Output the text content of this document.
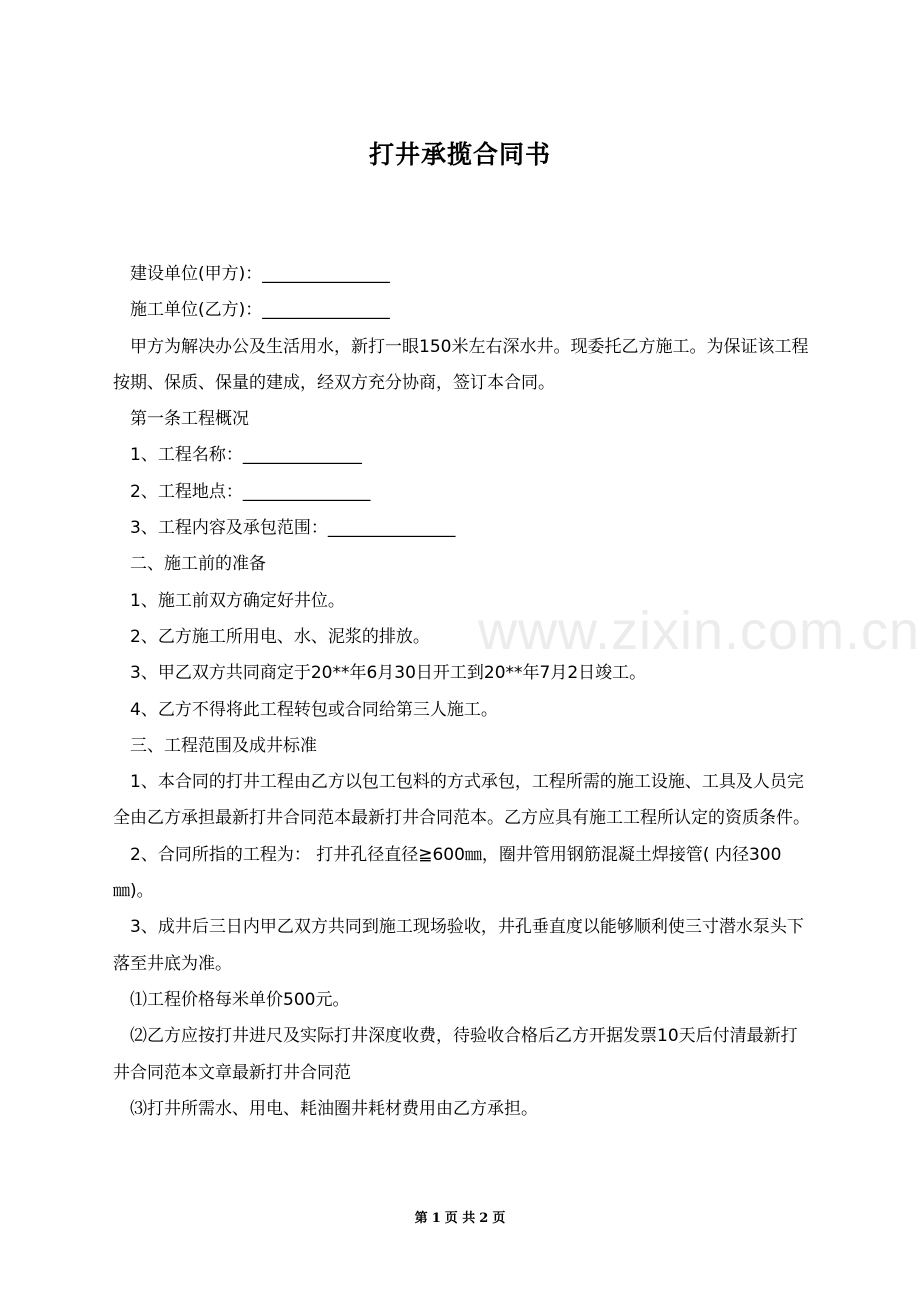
www.zixin.com.cn
打井承揽合同书

建设单位(甲方)：_______________

施工单位(乙方)：_______________

甲方为解决办公及生活用水，新打一眼150米左右深水井。现委托乙方施工。为保证该工程按期、保质、保量的建成，经双方充分协商，签订本合同。

第一条工程概况

1、工程名称：______________

2、工程地点：_______________

3、工程内容及承包范围：_______________

二、施工前的准备

1、施工前双方确定好井位。

2、乙方施工所用电、水、泥浆的排放。

3、甲乙双方共同商定于20**年6月30日开工到20**年7月2日竣工。

4、乙方不得将此工程转包或合同给第三人施工。

三、工程范围及成井标准

1、本合同的打井工程由乙方以包工包料的方式承包，工程所需的施工设施、工具及人员完全由乙方承担最新打井合同范本最新打井合同范本。乙方应具有施工工程所认定的资质条件。

2、合同所指的工程为： 打井孔径直径≧600㎜，圈井管用钢筋混凝土焊接管( 内径300㎜)。

3、成井后三日内甲乙双方共同到施工现场验收，井孔垂直度以能够顺利使三寸潜水泵头下落至井底为准。

⑴工程价格每米单价500元。

⑵乙方应按打井进尺及实际打井深度收费，待验收合格后乙方开据发票10天后付清最新打井合同范本文章最新打井合同范

⑶打井所需水、用电、耗油圈井耗材费用由乙方承担。

第 1 页 共 2 页
